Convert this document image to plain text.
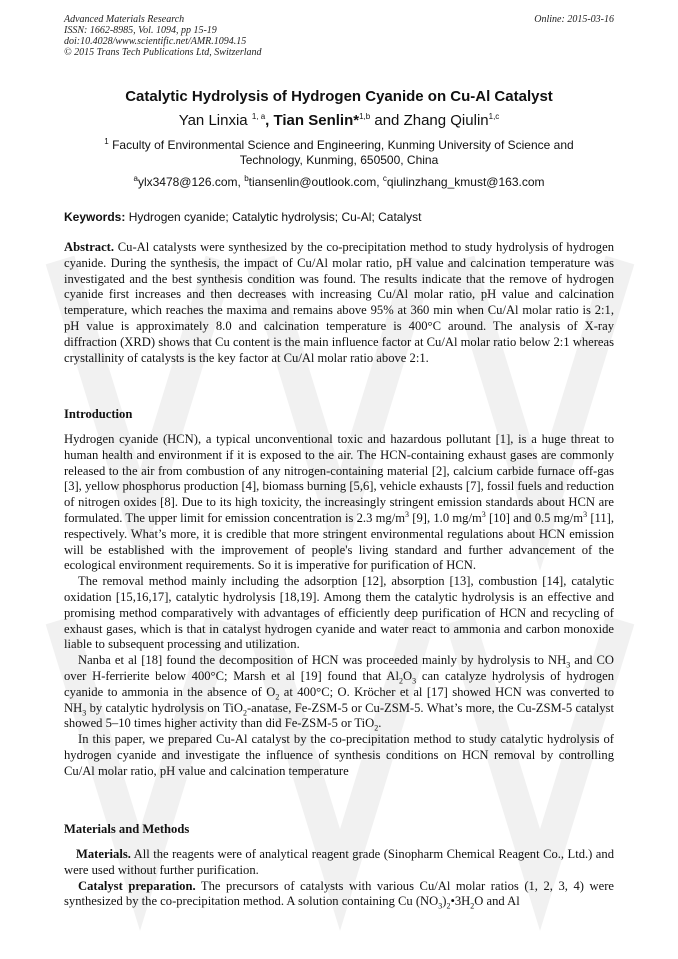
Advanced Materials Research
ISSN: 1662-8985, Vol. 1094, pp 15-19
doi:10.4028/www.scientific.net/AMR.1094.15
© 2015 Trans Tech Publications Ltd, Switzerland
Online: 2015-03-16
Catalytic Hydrolysis of Hydrogen Cyanide on Cu-Al Catalyst
Yan Linxia $^{1, a}$, Tian Senlin*$^{1,b}$ and Zhang Qiulin$^{1,c}$
$^1$ Faculty of Environmental Science and Engineering, Kunming University of Science and Technology, Kunming, 650500, China
$^a$ylx3478@126.com, $^b$tiansenlin@outlook.com, $^c$qiulinzhang_kmust@163.com
Keywords: Hydrogen cyanide; Catalytic hydrolysis; Cu-Al; Catalyst
Abstract. Cu-Al catalysts were synthesized by the co-precipitation method to study hydrolysis of hydrogen cyanide. During the synthesis, the impact of Cu/Al molar ratio, pH value and calcination temperature was investigated and the best synthesis condition was found. The results indicate that the remove of hydrogen cyanide first increases and then decreases with increasing Cu/Al molar ratio, pH value and calcination temperature, which reaches the maxima and remains above 95% at 360 min when Cu/Al molar ratio is 2:1, pH value is approximately 8.0 and calcination temperature is 400°C around. The analysis of X-ray diffraction (XRD) shows that Cu content is the main influence factor at Cu/Al molar ratio below 2:1 whereas crystallinity of catalysts is the key factor at Cu/Al molar ratio above 2:1.
Introduction

Hydrogen cyanide (HCN), a typical unconventional toxic and hazardous pollutant [1], is a huge threat to human health and environment if it is exposed to the air. The HCN-containing exhaust gases are commonly released to the air from combustion of any nitrogen-containing material [2], calcium carbide furnace off-gas [3], yellow phosphorus production [4], biomass burning [5,6], vehicle exhausts [7], fossil fuels and reduction of nitrogen oxides [8]. Due to its high toxicity, the increasingly stringent emission standards about HCN are formulated. The upper limit for emission concentration is 2.3 $mg/m^3$ [9], 1.0 $mg/m^3$ [10] and 0.5 $mg/m^3$ [11], respectively. What’s more, it is credible that more stringent environmental regulations about HCN emission will be established with the improvement of people's living standard and further advancement of the ecological environment requirements. So it is imperative for purification of HCN.

The removal method mainly including the adsorption [12], absorption [13], combustion [14], catalytic oxidation [15,16,17], catalytic hydrolysis [18,19]. Among them the catalytic hydrolysis is an effective and promising method comparatively with advantages of efficiently deep purification of HCN and recycling of exhaust gases, which is that in catalyst hydrogen cyanide and water react to ammonia and carbon monoxide liable to subsequent processing and utilization.

Nanba et al [18] found the decomposition of HCN was proceeded mainly by hydrolysis to $NH_3$ and CO over H-ferrierite below 400°C; Marsh et al [19] found that $Al_2O_3$ can catalyze hydrolysis of hydrogen cyanide to ammonia in the absence of $O_2$ at 400°C; O. Kröcher et al [17] showed HCN was converted to $NH_3$ by catalytic hydrolysis on TiO$_2$-anatase, Fe-ZSM-5 or Cu-ZSM-5. What’s more, the Cu-ZSM-5 catalyst showed 5–10 times higher activity than did Fe-ZSM-5 or TiO$_2$.

In this paper, we prepared Cu-Al catalyst by the co-precipitation method to study catalytic hydrolysis of hydrogen cyanide and investigate the influence of synthesis conditions on HCN removal by controlling Cu/Al molar ratio, pH value and calcination temperature

Materials and Methods

Materials. All the reagents were of analytical reagent grade (Sinopharm Chemical Reagent Co., Ltd.) and were used without further purification.

Catalyst preparation. The precursors of catalysts with various Cu/Al molar ratios (1, 2, 3, 4) were synthesized by the co-precipitation method. A solution containing Cu $(NO_3)_2•3H_2O$ and Al
